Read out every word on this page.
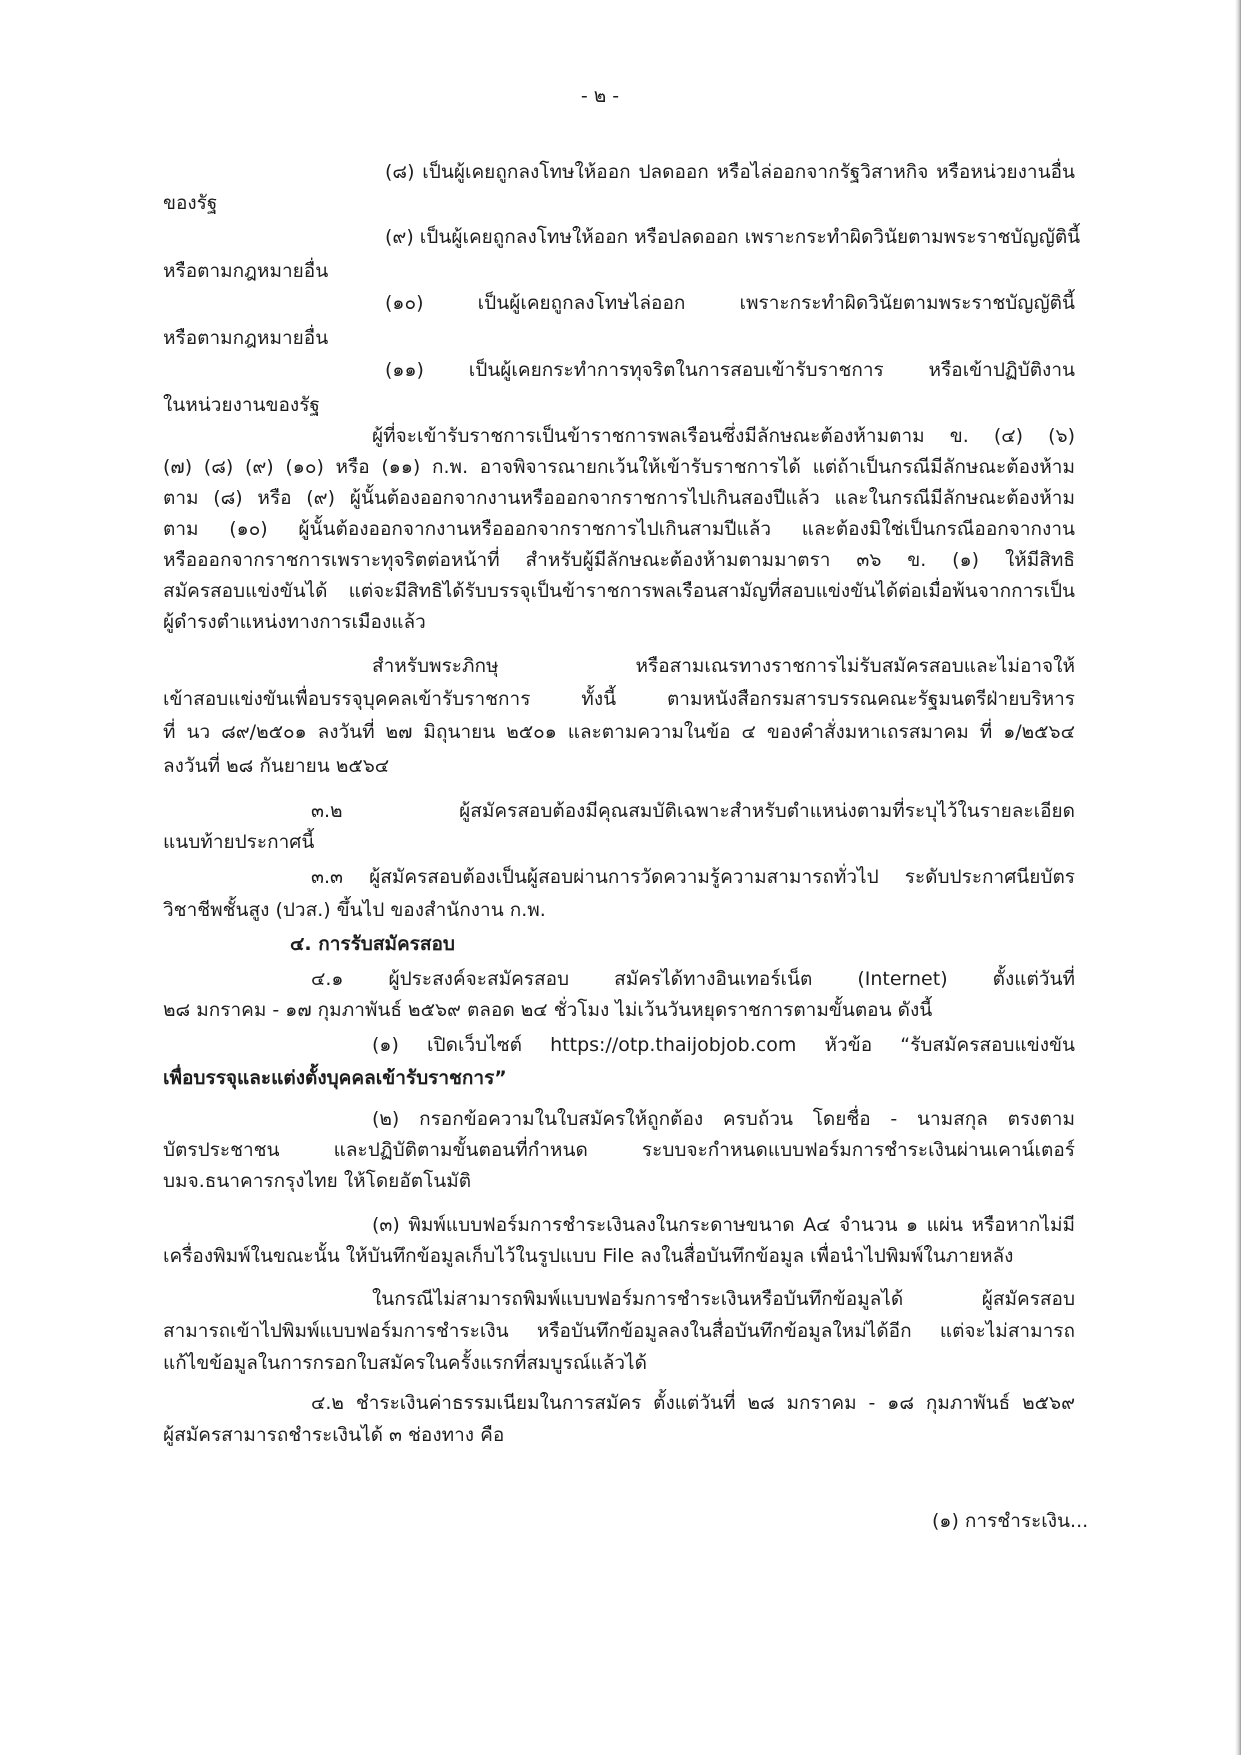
- ๒ -
(๘) เป็นผู้เคยถูกลงโทษให้ออก ปลดออก หรือไล่ออกจากรัฐวิสาหกิจ หรือหน่วยงานอื่น
ของรัฐ
(๙) เป็นผู้เคยถูกลงโทษให้ออก หรือปลดออก เพราะกระทำผิดวินัยตามพระราชบัญญัตินี้
หรือตามกฎหมายอื่น
(๑๐) เป็นผู้เคยถูกลงโทษไล่ออก เพราะกระทำผิดวินัยตามพระราชบัญญัตินี้
หรือตามกฎหมายอื่น
(๑๑) เป็นผู้เคยกระทำการทุจริตในการสอบเข้ารับราชการ หรือเข้าปฏิบัติงาน
ในหน่วยงานของรัฐ
ผู้ที่จะเข้ารับราชการเป็นข้าราชการพลเรือนซึ่งมีลักษณะต้องห้ามตาม ข. (๔) (๖)
(๗) (๘) (๙) (๑๐) หรือ (๑๑) ก.พ. อาจพิจารณายกเว้นให้เข้ารับราชการได้ แต่ถ้าเป็นกรณีมีลักษณะต้องห้าม
ตาม (๘) หรือ (๙) ผู้นั้นต้องออกจากงานหรือออกจากราชการไปเกินสองปีแล้ว และในกรณีมีลักษณะต้องห้าม
ตาม (๑๐) ผู้นั้นต้องออกจากงานหรือออกจากราชการไปเกินสามปีแล้ว และต้องมิใช่เป็นกรณีออกจากงาน
หรือออกจากราชการเพราะทุจริตต่อหน้าที่ สำหรับผู้มีลักษณะต้องห้ามตามมาตรา ๓๖ ข. (๑) ให้มีสิทธิ
สมัครสอบแข่งขันได้ แต่จะมีสิทธิได้รับบรรจุเป็นข้าราชการพลเรือนสามัญที่สอบแข่งขันได้ต่อเมื่อพ้นจากการเป็น
ผู้ดำรงตำแหน่งทางการเมืองแล้ว
สำหรับพระภิกษุ หรือสามเณรทางราชการไม่รับสมัครสอบและไม่อาจให้
เข้าสอบแข่งขันเพื่อบรรจุบุคคลเข้ารับราชการ ทั้งนี้ ตามหนังสือกรมสารบรรณคณะรัฐมนตรีฝ่ายบริหาร
ที่ นว ๘๙/๒๕๐๑ ลงวันที่ ๒๗ มิถุนายน ๒๕๐๑ และตามความในข้อ ๔ ของคำสั่งมหาเถรสมาคม ที่ ๑/๒๕๖๔
ลงวันที่ ๒๘ กันยายน ๒๕๖๔
๓.๒ ผู้สมัครสอบต้องมีคุณสมบัติเฉพาะสำหรับตำแหน่งตามที่ระบุไว้ในรายละเอียด
แนบท้ายประกาศนี้
๓.๓ ผู้สมัครสอบต้องเป็นผู้สอบผ่านการวัดความรู้ความสามารถทั่วไป ระดับประกาศนียบัตร
วิชาชีพชั้นสูง (ปวส.) ขึ้นไป ของสำนักงาน ก.พ.
๔. การรับสมัครสอบ
๔.๑ ผู้ประสงค์จะสมัครสอบ สมัครได้ทางอินเทอร์เน็ต (Internet) ตั้งแต่วันที่
๒๘ มกราคม - ๑๗ กุมภาพันธ์ ๒๕๖๙ ตลอด ๒๔ ชั่วโมง ไม่เว้นวันหยุดราชการตามขั้นตอน ดังนี้
(๑) เปิดเว็บไซต์ https://otp.thaijobjob.com หัวข้อ “รับสมัครสอบแข่งขัน
เพื่อบรรจุและแต่งตั้งบุคคลเข้ารับราชการ”
(๒) กรอกข้อความในใบสมัครให้ถูกต้อง ครบถ้วน โดยชื่อ - นามสกุล ตรงตาม
บัตรประชาชน และปฏิบัติตามขั้นตอนที่กำหนด ระบบจะกำหนดแบบฟอร์มการชำระเงินผ่านเคาน์เตอร์
บมจ.ธนาคารกรุงไทย ให้โดยอัตโนมัติ
(๓) พิมพ์แบบฟอร์มการชำระเงินลงในกระดาษขนาด A๔ จำนวน ๑ แผ่น หรือหากไม่มี
เครื่องพิมพ์ในขณะนั้น ให้บันทึกข้อมูลเก็บไว้ในรูปแบบ File ลงในสื่อบันทึกข้อมูล เพื่อนำไปพิมพ์ในภายหลัง
ในกรณีไม่สามารถพิมพ์แบบฟอร์มการชำระเงินหรือบันทึกข้อมูลได้ ผู้สมัครสอบ
สามารถเข้าไปพิมพ์แบบฟอร์มการชำระเงิน หรือบันทึกข้อมูลลงในสื่อบันทึกข้อมูลใหม่ได้อีก แต่จะไม่สามารถ
แก้ไขข้อมูลในการกรอกใบสมัครในครั้งแรกที่สมบูรณ์แล้วได้
๔.๒ ชำระเงินค่าธรรมเนียมในการสมัคร ตั้งแต่วันที่ ๒๘ มกราคม - ๑๘ กุมภาพันธ์ ๒๕๖๙
ผู้สมัครสามารถชำระเงินได้ ๓ ช่องทาง คือ
(๑) การชำระเงิน...
